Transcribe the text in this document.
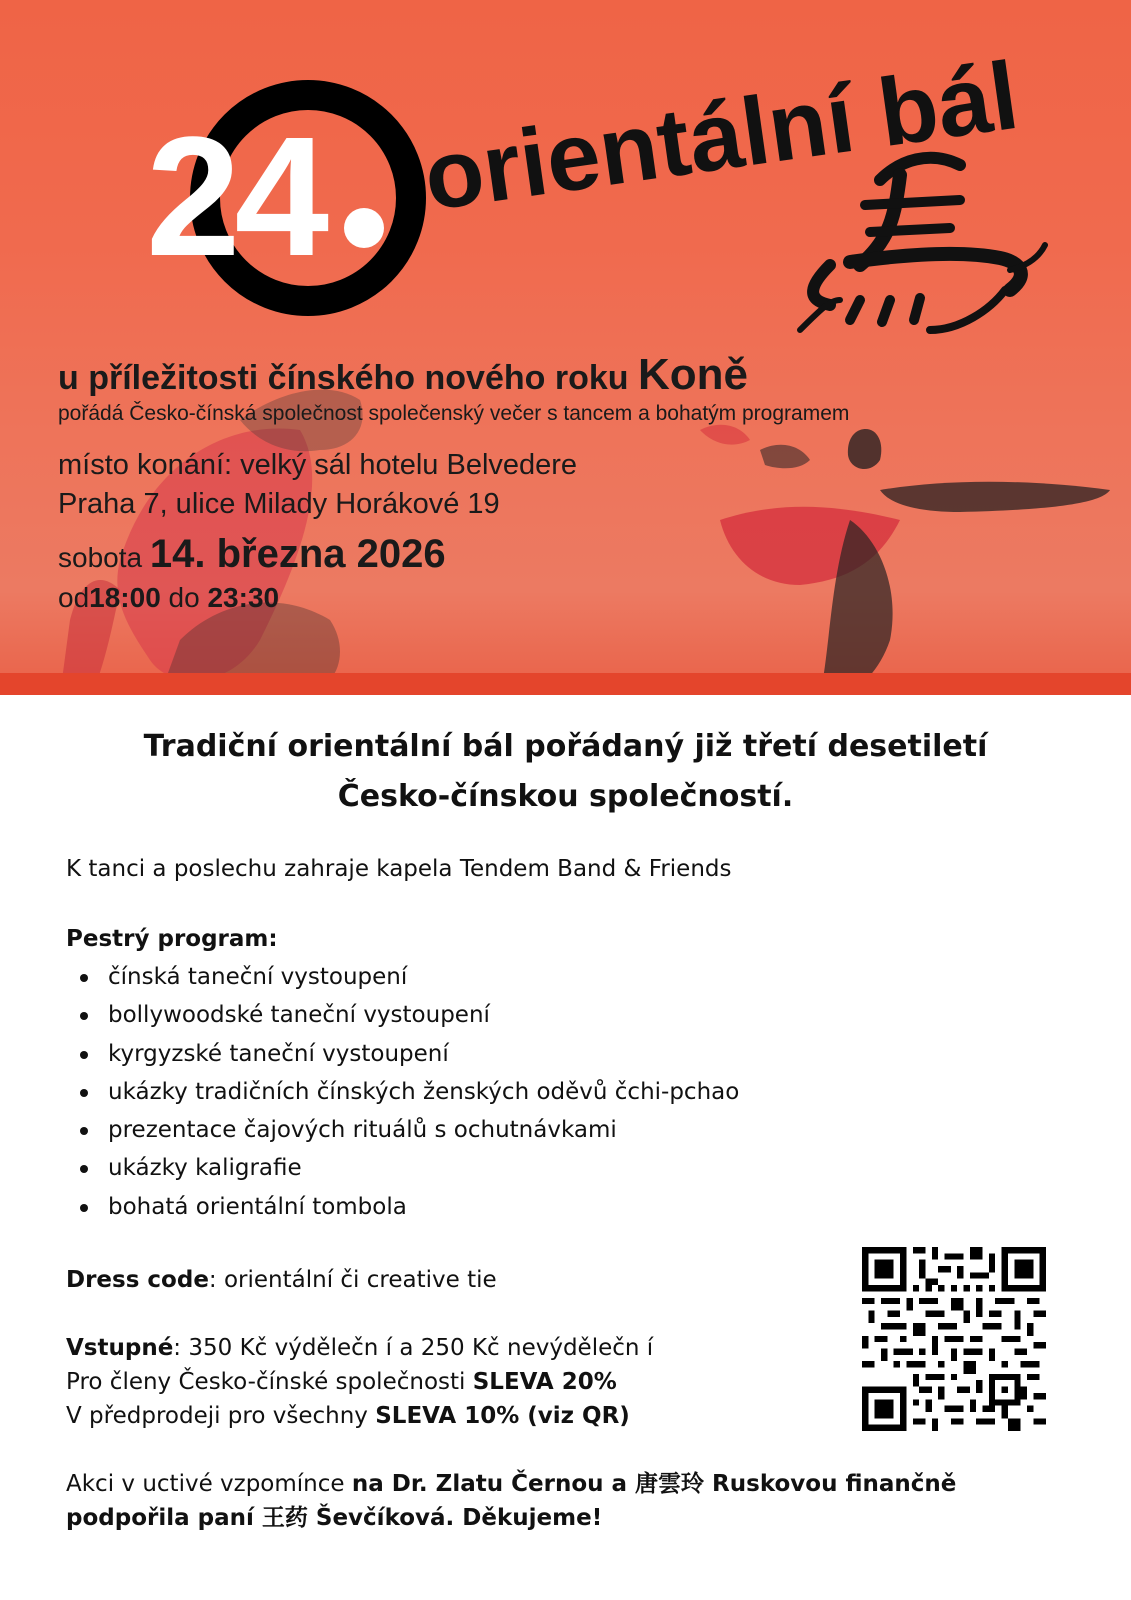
24 orientální bál
u příležitosti čínského nového roku Koně
pořádá Česko-čínská společnost společenský večer s tancem a bohatým programem
místo konání: velký sál hotelu Belvedere
Praha 7, ulice Milady Horákové 19
sobota 14. března 2026
od18:00 do 23:30
Tradiční orientální bál pořádaný již třetí desetiletí
Česko-čínskou společností.

K tanci a poslechu zahraje kapela Tendem Band & Friends

Pestrý program:

čínská taneční vystoupení
bollywoodské taneční vystoupení
kyrgyzské taneční vystoupení
ukázky tradičních čínských ženských oděvů čchi-pchao
prezentace čajových rituálů s ochutnávkami
ukázky kaligrafie
bohatá orientální tombola

Dress code: orientální či creative tie

Vstupné: 350 Kč výdělečn í a 250 Kč nevýdělečn í

Pro členy Česko-čínské společnosti SLEVA 20%

V předprodeji pro všechny SLEVA 10% (viz QR)

Akci v uctivé vzpomínce na Dr. Zlatu Černou a 唐雲玲 Ruskovou finančně podpořila paní 王药 Ševčíková. Děkujeme!
